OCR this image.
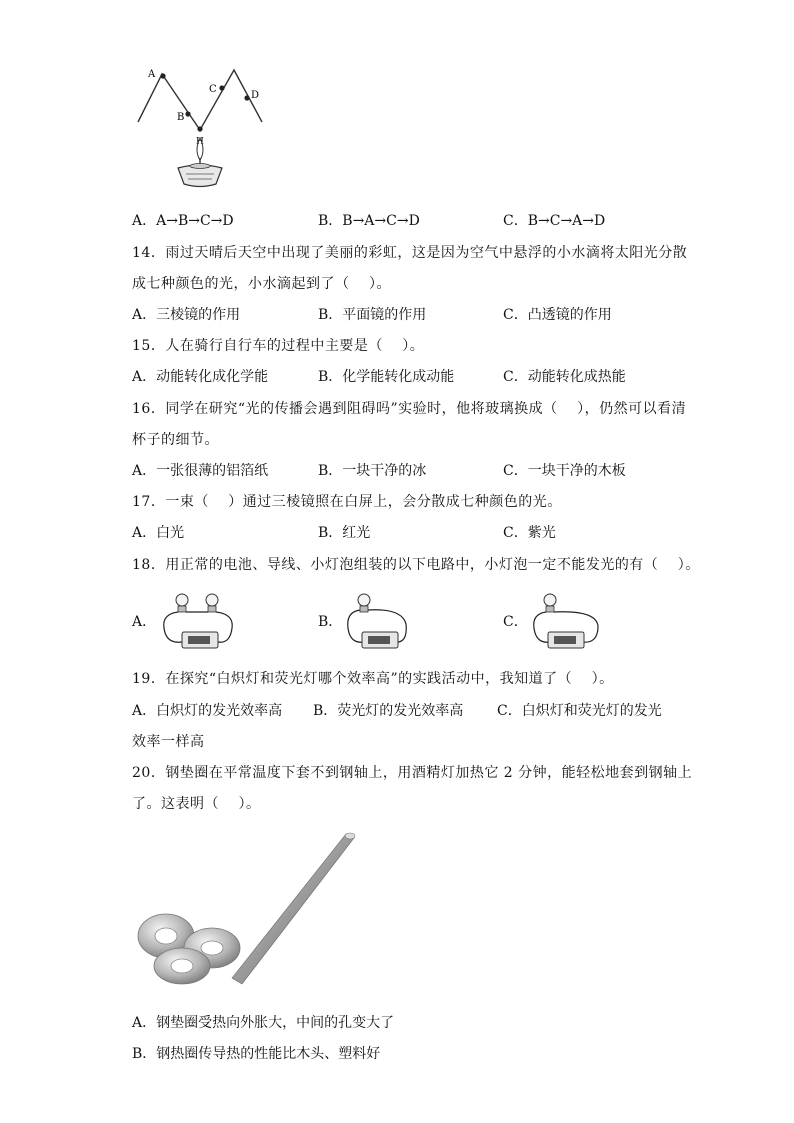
A
B
C
D
H
A．A→B→C→D	B．B→A→C→D	C．B→C→A→D
14．雨过天晴后天空中出现了美丽的彩虹，这是因为空气中悬浮的小水滴将太阳光分散
成七种颜色的光，小水滴起到了（　 ）。
A．三棱镜的作用	B．平面镜的作用	C．凸透镜的作用
15．人在骑行自行车的过程中主要是（　 ）。
A．动能转化成化学能	B．化学能转化成动能	C．动能转化成热能
16．同学在研究“光的传播会遇到阻碍吗”实验时，他将玻璃换成（　 ），仍然可以看清
杯子的细节。
A．一张很薄的铝箔纸	B．一块干净的冰	C．一块干净的木板
17．一束（　 ）通过三棱镜照在白屏上，会分散成七种颜色的光。
A．白光	B．红光	C．紫光
18．用正常的电池、导线、小灯泡组装的以下电路中，小灯泡一定不能发光的有（　 ）。
A．	B．	C．
19．在探究“白炽灯和荧光灯哪个效率高”的实践活动中，我知道了（　 ）。
A．白炽灯的发光效率高 B．荧光灯的发光效率高 C．白炽灯和荧光灯的发光
效率一样高
20．钢垫圈在平常温度下套不到钢轴上，用酒精灯加热它 2 分钟，能轻松地套到钢轴上
了。这表明（　 ）。
A．钢垫圈受热向外胀大，中间的孔变大了
B．钢热圈传导热的性能比木头、塑料好
